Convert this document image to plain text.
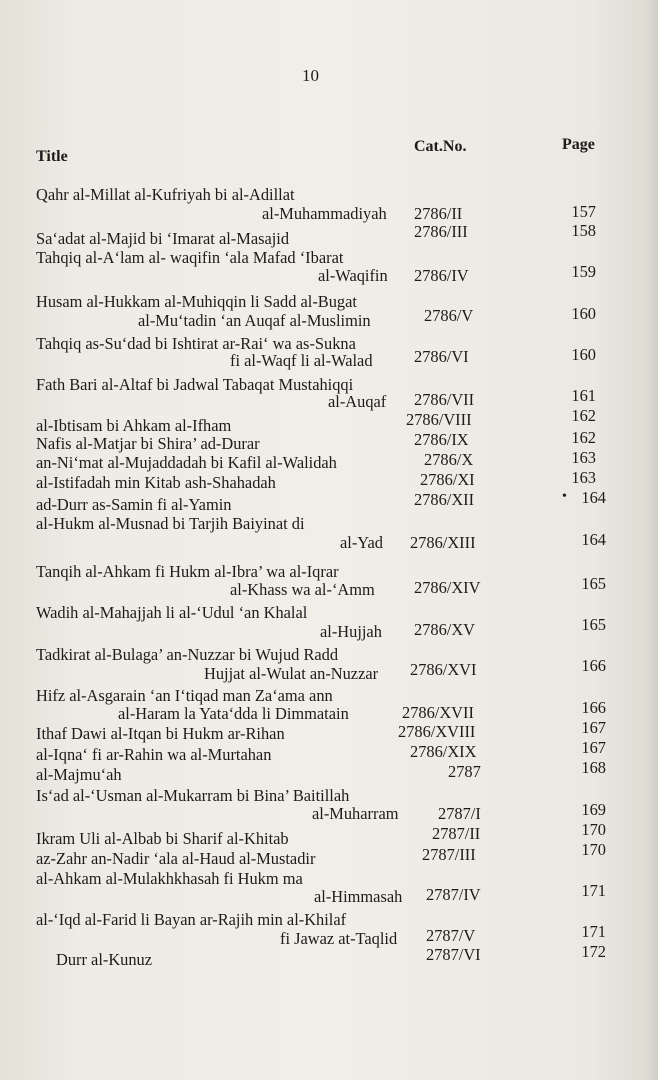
10
Title
Cat.No.	Page
Qahr al-Millat al-Kufriyah bi al-Adillat
al-Muhammadiyah 2786/II	157
Sa‘adat al-Majid bi ‘Imarat al-Masajid	2786/III	158
Tahqiq al-A‘lam al- waqifin ‘ala Mafad ‘Ibarat
al-Waqifin 2786/IV	159
Husam al-Hukkam al-Muhiqqin li Sadd al-Bugat
al-Mu‘tadin ‘an Auqaf al-Muslimin	2786/V	160
Tahqiq as-Su‘dad bi Ishtirat ar-Rai‘ wa as-Sukna
fi al-Waqf li al-Walad	2786/VI	160
Fath Bari al-Altaf bi Jadwal Tabaqat Mustahiqqi
al-Auqaf 2786/VII	161
al-Ibtisam bi Ahkam al-Ifham	2786/VIII	162
Nafis al-Matjar bi Shira’ ad-Durar	2786/IX	162
an-Ni‘mat al-Mujaddadah bi Kafil al-Walidah	2786/X	163
al-Istifadah min Kitab ash-Shahadah	2786/XI	163
ad-Durr as-Samin fi al-Yamin	2786/XII	• 164
al-Hukm al-Musnad bi Tarjih Baiyinat di
al-Yad 2786/XIII	164
Tanqih al-Ahkam fi Hukm al-Ibra’ wa al-Iqrar
al-Khass wa al-‘Amm 2786/XIV	165
Wadih al-Mahajjah li al-‘Udul ‘an Khalal
al-Hujjah 2786/XV	165
Tadkirat al-Bulaga’ an-Nuzzar bi Wujud Radd
Hujjat al-Wulat an-Nuzzar 2786/XVI	166
Hifz al-Asgarain ‘an I‘tiqad man Za‘ama ann
al-Haram la Yata‘dda li Dimmatain	2786/XVII	166
Ithaf Dawi al-Itqan bi Hukm ar-Rihan	2786/XVIII	167
al-Iqna‘ fi ar-Rahin wa al-Murtahan	2786/XIX	167
al-Majmu‘ah	2787	168
Is‘ad al-‘Usman al-Mukarram bi Bina’ Baitillah
al-Muharram 2787/I	169
Ikram Uli al-Albab bi Sharif al-Khitab	2787/II	170
az-Zahr an-Nadir ‘ala al-Haud al-Mustadir	2787/III	170
al-Ahkam al-Mulakhkhasah fi Hukm ma
al-Himmasah 2787/IV	171
al-‘Iqd al-Farid li Bayan ar-Rajih min al-Khilaf
fi Jawaz at-Taqlid 2787/V	171
Durr al-Kunuz	2787/VI	172
